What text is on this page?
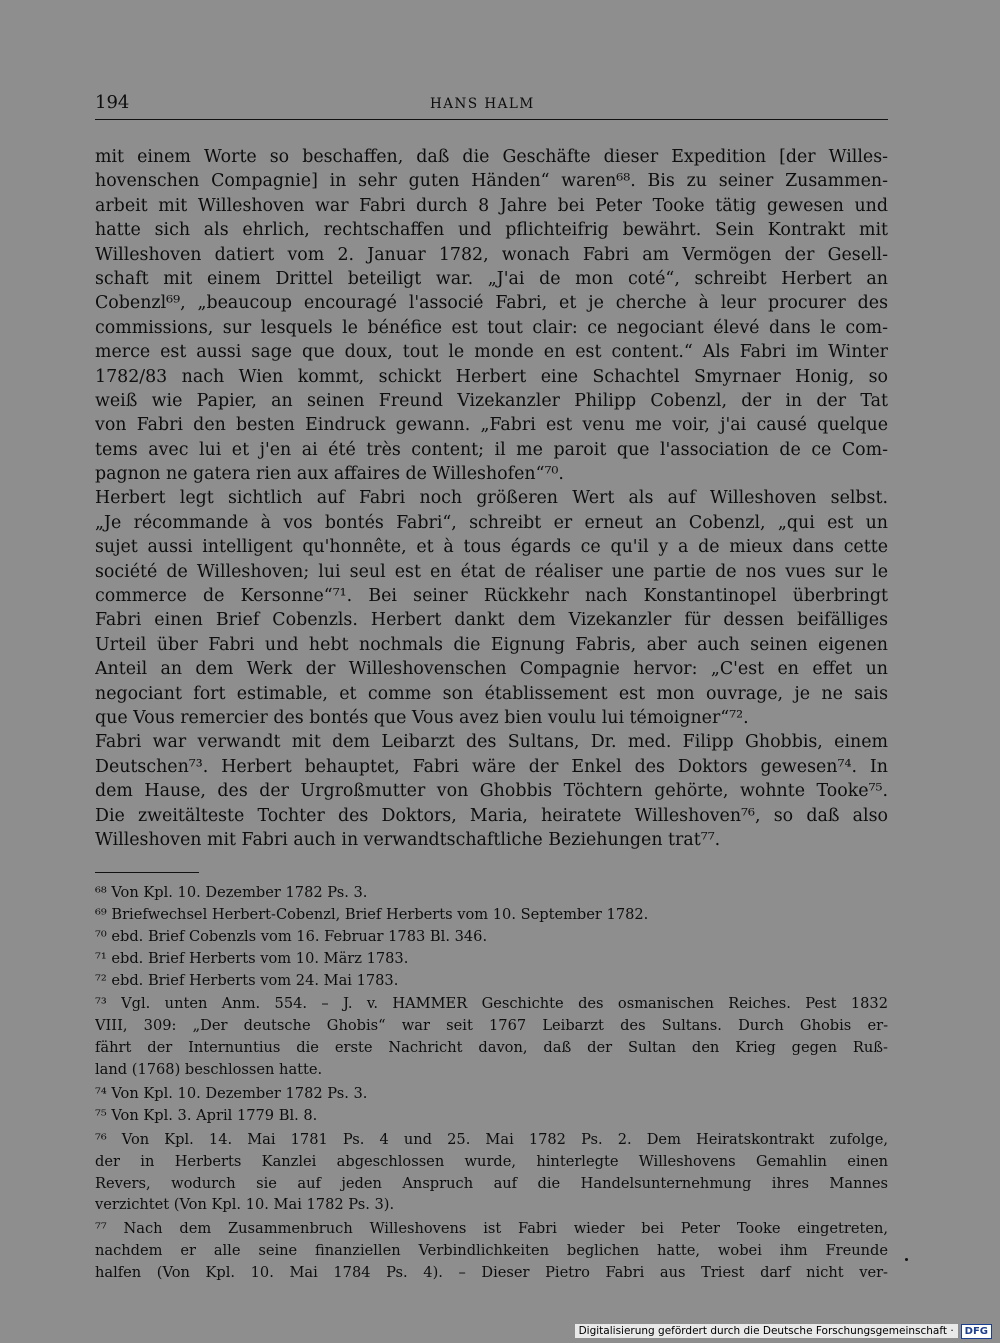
194	HANS HALM
mit einem Worte so beschaffen, daß die Geschäfte dieser Expedition [der Willes-
hovenschen Compagnie] in sehr guten Händen“ waren⁶⁸. Bis zu seiner Zusammen-
arbeit mit Willeshoven war Fabri durch 8 Jahre bei Peter Tooke tätig gewesen und
hatte sich als ehrlich, rechtschaffen und pflichteifrig bewährt. Sein Kontrakt mit
Willeshoven datiert vom 2. Januar 1782, wonach Fabri am Vermögen der Gesell-
schaft mit einem Drittel beteiligt war. „J'ai de mon coté“, schreibt Herbert an
Cobenzl⁶⁹, „beaucoup encouragé l'associé Fabri, et je cherche à leur procurer des
commissions, sur lesquels le bénéfice est tout clair: ce negociant élevé dans le com-
merce est aussi sage que doux, tout le monde en est content.“ Als Fabri im Winter
1782/83 nach Wien kommt, schickt Herbert eine Schachtel Smyrnaer Honig, so
weiß wie Papier, an seinen Freund Vizekanzler Philipp Cobenzl, der in der Tat
von Fabri den besten Eindruck gewann. „Fabri est venu me voir, j'ai causé quelque
tems avec lui et j'en ai été très content; il me paroit que l'association de ce Com-
pagnon ne gatera rien aux affaires de Willeshofen“⁷⁰.
Herbert legt sichtlich auf Fabri noch größeren Wert als auf Willeshoven selbst.
„Je récommande à vos bontés Fabri“, schreibt er erneut an Cobenzl, „qui est un
sujet aussi intelligent qu'honnête, et à tous égards ce qu'il y a de mieux dans cette
société de Willeshoven; lui seul est en état de réaliser une partie de nos vues sur le
commerce de Kersonne“⁷¹. Bei seiner Rückkehr nach Konstantinopel überbringt
Fabri einen Brief Cobenzls. Herbert dankt dem Vizekanzler für dessen beifälliges
Urteil über Fabri und hebt nochmals die Eignung Fabris, aber auch seinen eigenen
Anteil an dem Werk der Willeshovenschen Compagnie hervor: „C'est en effet un
negociant fort estimable, et comme son établissement est mon ouvrage, je ne sais
que Vous remercier des bontés que Vous avez bien voulu lui témoigner“⁷².
Fabri war verwandt mit dem Leibarzt des Sultans, Dr. med. Filipp Ghobbis, einem
Deutschen⁷³. Herbert behauptet, Fabri wäre der Enkel des Doktors gewesen⁷⁴. In
dem Hause, des der Urgroßmutter von Ghobbis Töchtern gehörte, wohnte Tooke⁷⁵.
Die zweitälteste Tochter des Doktors, Maria, heiratete Willeshoven⁷⁶, so daß also
Willeshoven mit Fabri auch in verwandtschaftliche Beziehungen trat⁷⁷.
⁶⁸ Von Kpl. 10. Dezember 1782 Ps. 3.
⁶⁹ Briefwechsel Herbert-Cobenzl, Brief Herberts vom 10. September 1782.
⁷⁰ ebd. Brief Cobenzls vom 16. Februar 1783 Bl. 346.
⁷¹ ebd. Brief Herberts vom 10. März 1783.
⁷² ebd. Brief Herberts vom 24. Mai 1783.
⁷³ Vgl. unten Anm. 554. – J. v. HAMMER Geschichte des osmanischen Reiches. Pest 1832
VIII, 309: „Der deutsche Ghobis“ war seit 1767 Leibarzt des Sultans. Durch Ghobis er-
fährt der Internuntius die erste Nachricht davon, daß der Sultan den Krieg gegen Ruß-
land (1768) beschlossen hatte.
⁷⁴ Von Kpl. 10. Dezember 1782 Ps. 3.
⁷⁵ Von Kpl. 3. April 1779 Bl. 8.
⁷⁶ Von Kpl. 14. Mai 1781 Ps. 4 und 25. Mai 1782 Ps. 2. Dem Heiratskontrakt zufolge,
der in Herberts Kanzlei abgeschlossen wurde, hinterlegte Willeshovens Gemahlin einen
Revers, wodurch sie auf jeden Anspruch auf die Handelsunternehmung ihres Mannes
verzichtet (Von Kpl. 10. Mai 1782 Ps. 3).
⁷⁷ Nach dem Zusammenbruch Willeshovens ist Fabri wieder bei Peter Tooke eingetreten,
nachdem er alle seine finanziellen Verbindlichkeiten beglichen hatte, wobei ihm Freunde
halfen (Von Kpl. 10. Mai 1784 Ps. 4). – Dieser Pietro Fabri aus Triest darf nicht ver-
Digitalisierung gefördert durch die Deutsche Forschungsgemeinschaft ·	DFG
